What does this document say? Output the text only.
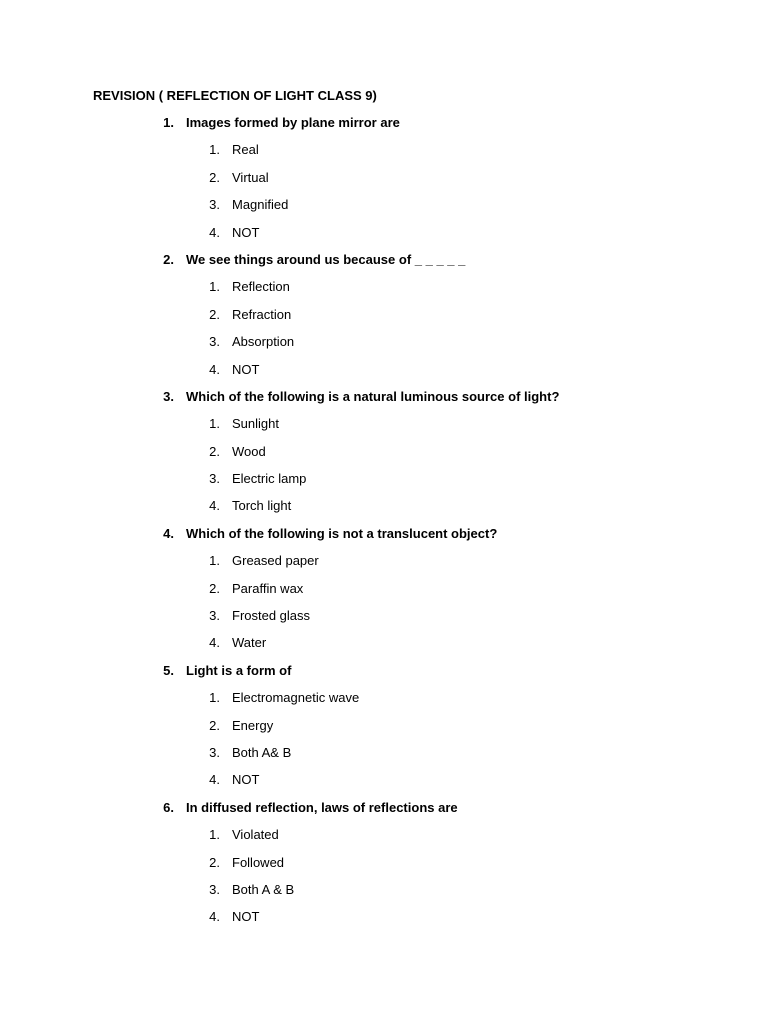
REVISION ( REFLECTION OF LIGHT CLASS 9)
1. Images formed by plane mirror are
1. Real
2. Virtual
3. Magnified
4. NOT
2. We see things around us because of _ _ _ _ _
1. Reflection
2. Refraction
3. Absorption
4. NOT
3. Which of the following is a natural luminous source of light?
1. Sunlight
2. Wood
3. Electric lamp
4. Torch light
4. Which of the following is not a translucent object?
1. Greased paper
2. Paraffin wax
3. Frosted glass
4. Water
5. Light is a form of
1. Electromagnetic wave
2. Energy
3. Both A& B
4. NOT
6. In diffused reflection, laws of reflections are
1. Violated
2. Followed
3. Both A & B
4. NOT
